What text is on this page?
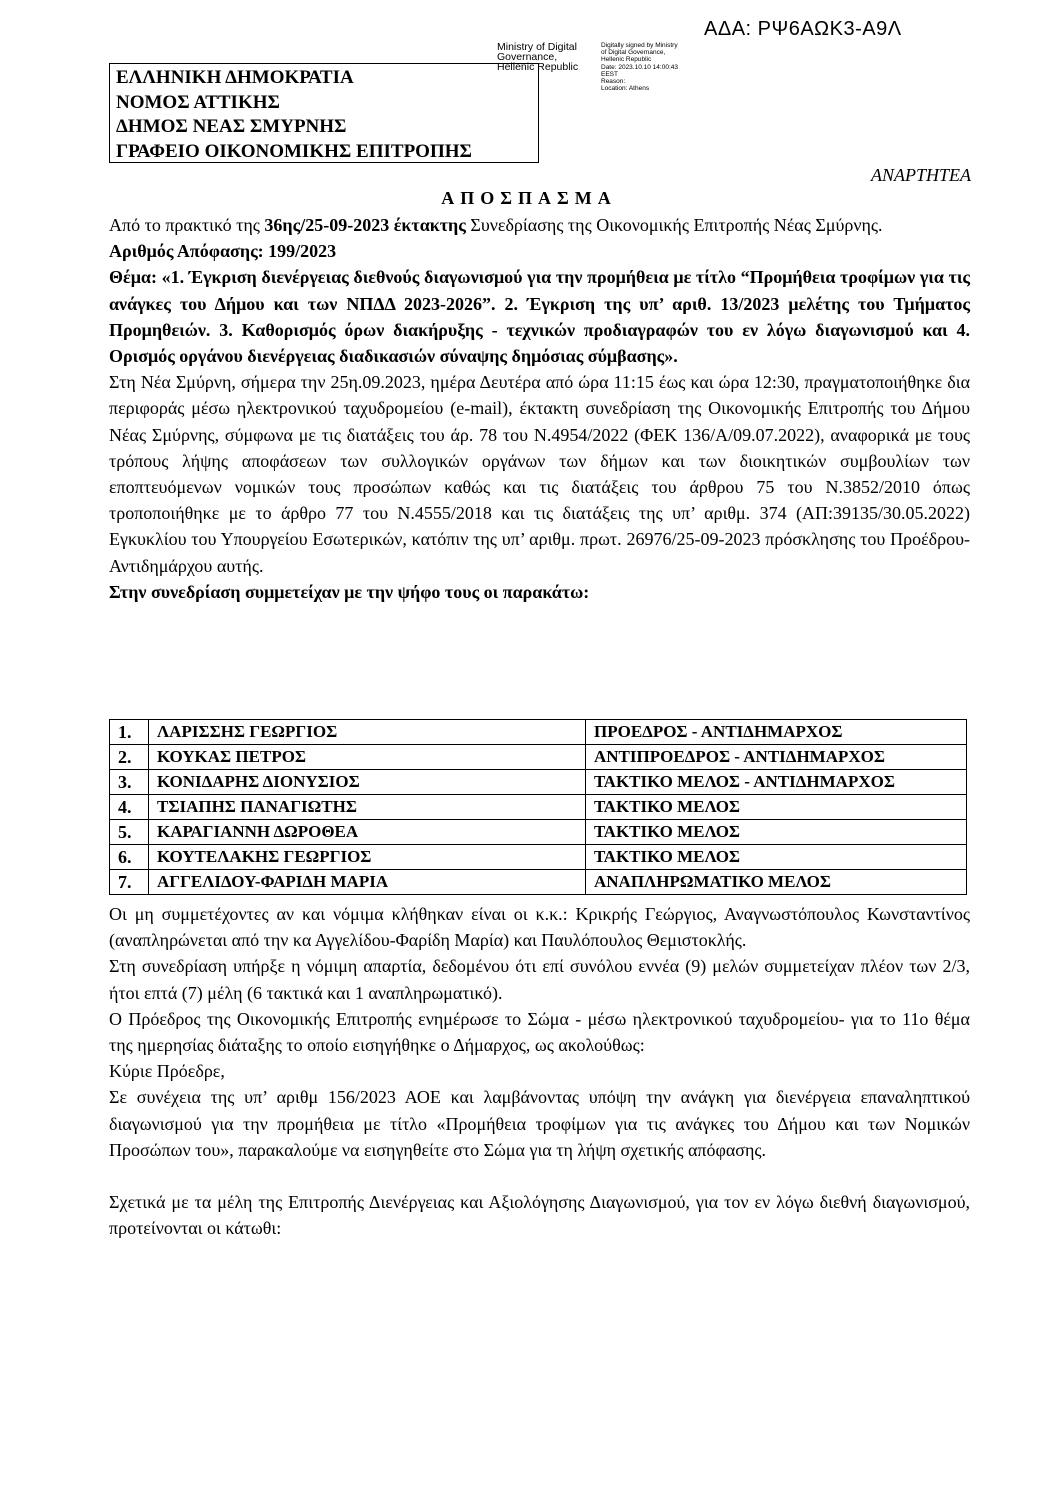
ΑΔΑ: ΡΨ6ΑΩΚ3-Α9Λ
Ministry of Digital Governance, Hellenic Republic
Digitally signed by Ministry
of Digital Governance,
Hellenic Republic
Date: 2023.10.10 14:00:43
EEST
Reason:
Location: Athens
ΕΛΛΗΝΙΚΗ ΔΗΜΟΚΡΑΤΙΑ
ΝΟΜΟΣ ΑΤΤΙΚΗΣ
ΔΗΜΟΣ ΝΕΑΣ ΣΜΥΡΝΗΣ
ΓΡΑΦΕΙΟ ΟΙΚΟΝΟΜΙΚΗΣ ΕΠΙΤΡΟΠΗΣ
ΑΝΑΡΤΗΤΕΑ
ΑΠΟΣΠΑΣΜΑ

Από το πρακτικό της 36ης/25-09-2023 έκτακτης Συνεδρίασης της Οικονομικής Επιτροπής Νέας Σμύρνης.

Αριθμός Απόφασης: 199/2023

Θέμα: «1. Έγκριση διενέργειας διεθνούς διαγωνισμού για την προμήθεια με τίτλο “Προμήθεια τροφίμων για τις ανάγκες του Δήμου και των ΝΠΔΔ 2023-2026”. 2. Έγκριση της υπ’ αριθ. 13/2023 μελέτης του Τμήματος Προμηθειών. 3. Καθορισμός όρων διακήρυξης - τεχνικών προδιαγραφών του εν λόγω διαγωνισμού και 4. Ορισμός οργάνου διενέργειας διαδικασιών σύναψης δημόσιας σύμβασης».

Στη Νέα Σμύρνη, σήμερα την 25η.09.2023, ημέρα Δευτέρα από ώρα 11:15 έως και ώρα 12:30, πραγματοποιήθηκε δια περιφοράς μέσω ηλεκτρονικού ταχυδρομείου (e-mail), έκτακτη συνεδρίαση της Οικονομικής Επιτροπής του Δήμου Νέας Σμύρνης, σύμφωνα με τις διατάξεις του άρ. 78 του Ν.4954/2022 (ΦΕΚ 136/Α/09.07.2022), αναφορικά με τους τρόπους λήψης αποφάσεων των συλλογικών οργάνων των δήμων και των διοικητικών συμβουλίων των εποπτευόμενων νομικών τους προσώπων καθώς και τις διατάξεις του άρθρου 75 του Ν.3852/2010 όπως τροποποιήθηκε με το άρθρο 77 του Ν.4555/2018 και τις διατάξεις της υπ’ αριθμ. 374 (ΑΠ:39135/30.05.2022) Εγκυκλίου του Υπουργείου Εσωτερικών, κατόπιν της υπ’ αριθμ. πρωτ. 26976/25-09-2023 πρόσκλησης του Προέδρου-Αντιδημάρχου αυτής.

Στην συνεδρίαση συμμετείχαν με την ψήφο τους οι παρακάτω:

1.	ΛΑΡΙΣΣΗΣ ΓΕΩΡΓΙΟΣ	ΠΡΟΕΔΡΟΣ - ΑΝΤΙΔΗΜΑΡΧΟΣ
2.	ΚΟΥΚΑΣ ΠΕΤΡΟΣ	ΑΝΤΙΠΡΟΕΔΡΟΣ - ΑΝΤΙΔΗΜΑΡΧΟΣ
3.	ΚΟΝΙΔΑΡΗΣ ΔΙΟΝΥΣΙΟΣ	ΤΑΚΤΙΚΟ ΜΕΛΟΣ - ΑΝΤΙΔΗΜΑΡΧΟΣ
4.	ΤΣΙΑΠΗΣ ΠΑΝΑΓΙΩΤΗΣ	ΤΑΚΤΙΚΟ ΜΕΛΟΣ
5.	ΚΑΡΑΓΙΑΝΝΗ ΔΩΡΟΘΕΑ	ΤΑΚΤΙΚΟ ΜΕΛΟΣ
6.	ΚΟΥΤΕΛΑΚΗΣ ΓΕΩΡΓΙΟΣ	ΤΑΚΤΙΚΟ ΜΕΛΟΣ
7.	ΑΓΓΕΛΙΔΟΥ-ΦΑΡΙΔΗ ΜΑΡΙΑ	ΑΝΑΠΛΗΡΩΜΑΤΙΚΟ ΜΕΛΟΣ

Οι μη συμμετέχοντες αν και νόμιμα κλήθηκαν είναι οι κ.κ.: Κρικρής Γεώργιος, Αναγνωστόπουλος Κωνσταντίνος (αναπληρώνεται από την κα Αγγελίδου-Φαρίδη Μαρία) και Παυλόπουλος Θεμιστοκλής.

Στη συνεδρίαση υπήρξε η νόμιμη απαρτία, δεδομένου ότι επί συνόλου εννέα (9) μελών συμμετείχαν πλέον των 2/3, ήτοι επτά (7) μέλη (6 τακτικά και 1 αναπληρωματικό).

Ο Πρόεδρος της Οικονομικής Επιτροπής ενημέρωσε το Σώμα - μέσω ηλεκτρονικού ταχυδρομείου- για το 11ο θέμα της ημερησίας διάταξης το οποίο εισηγήθηκε ο Δήμαρχος, ως ακολούθως:

Κύριε Πρόεδρε,

Σε συνέχεια της υπ’ αριθμ 156/2023 ΑΟΕ και λαμβάνοντας υπόψη την ανάγκη για διενέργεια επαναληπτικού διαγωνισμού για την προμήθεια με τίτλο «Προμήθεια τροφίμων για τις ανάγκες του Δήμου και των Νομικών Προσώπων του», παρακαλούμε να εισηγηθείτε στο Σώμα για τη λήψη σχετικής απόφασης.

Σχετικά με τα μέλη της Επιτροπής Διενέργειας και Αξιολόγησης Διαγωνισμού, για τον εν λόγω διεθνή διαγωνισμού, προτείνονται οι κάτωθι:
